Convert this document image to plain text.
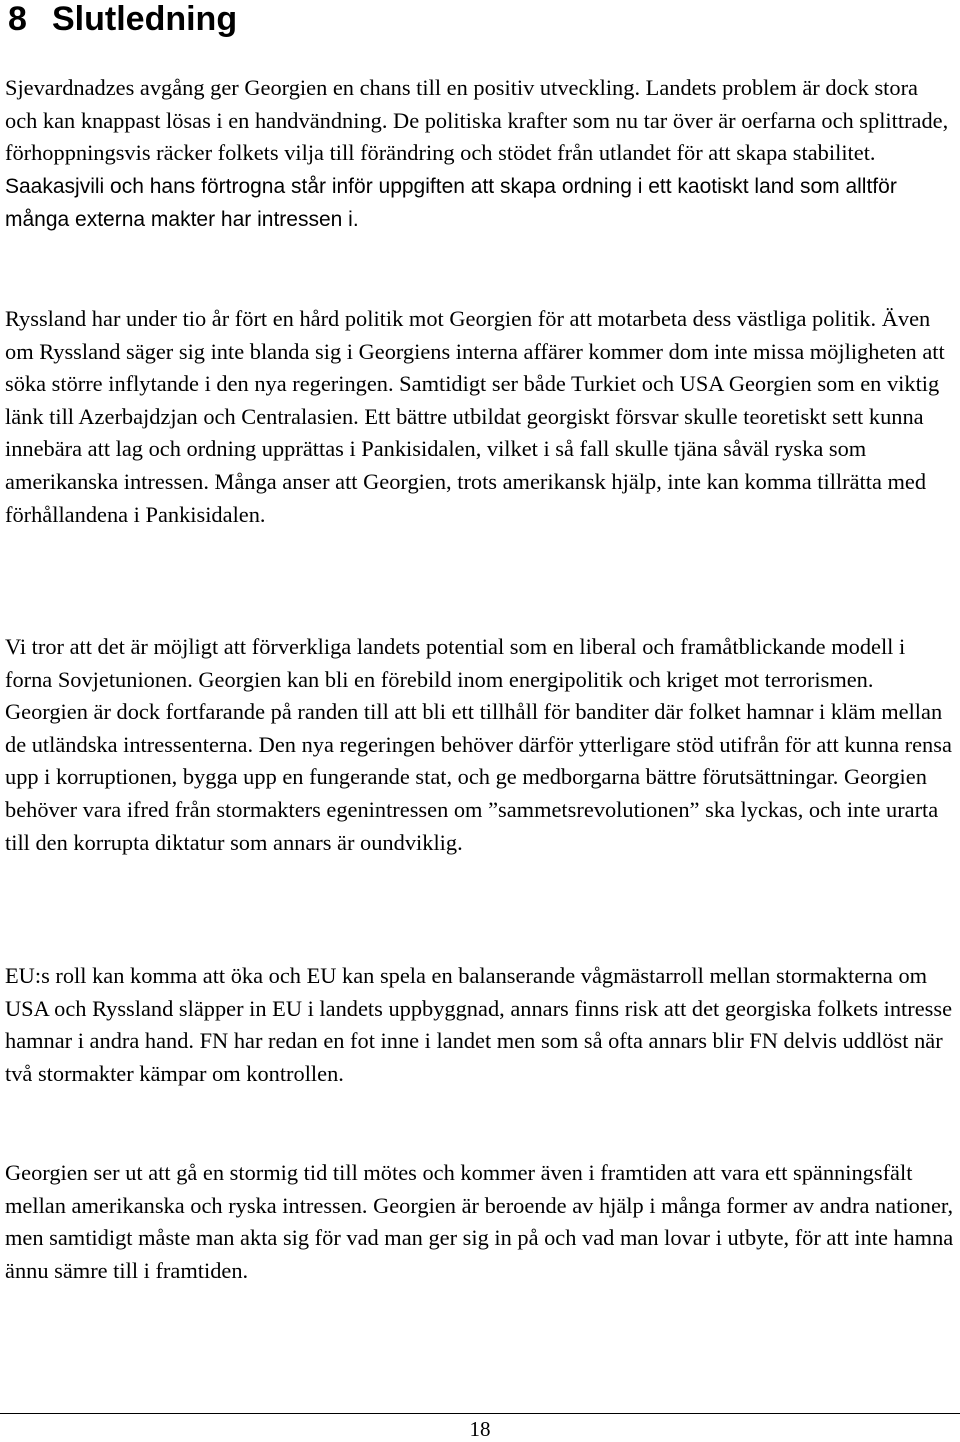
8 Slutledning

Sjevardnadzes avgång ger Georgien en chans till en positiv utveckling. Landets problem är dock stora och kan knappast lösas i en handvändning. De politiska krafter som nu tar över är oerfarna och splittrade, förhoppningsvis räcker folkets vilja till förändring och stödet från utlandet för att skapa stabilitet. Saakasjvili och hans förtrogna står inför uppgiften att skapa ordning i ett kaotiskt land som alltför många externa makter har intressen i.

Ryssland har under tio år fört en hård politik mot Georgien för att motarbeta dess västliga politik. Även om Ryssland säger sig inte blanda sig i Georgiens interna affärer kommer dom inte missa möjligheten att söka större inflytande i den nya regeringen. Samtidigt ser både Turkiet och USA Georgien som en viktig länk till Azerbajdzjan och Centralasien. Ett bättre utbildat georgiskt försvar skulle teoretiskt sett kunna innebära att lag och ordning upprättas i Pankisidalen, vilket i så fall skulle tjäna såväl ryska som amerikanska intressen. Många anser att Georgien, trots amerikansk hjälp, inte kan komma tillrätta med förhållandena i Pankisidalen.

Vi tror att det är möjligt att förverkliga landets potential som en liberal och framåtblickande modell i forna Sovjetunionen. Georgien kan bli en förebild inom energipolitik och kriget mot terrorismen. Georgien är dock fortfarande på randen till att bli ett tillhåll för banditer där folket hamnar i kläm mellan de utländska intressenterna. Den nya regeringen behöver därför ytterligare stöd utifrån för att kunna rensa upp i korruptionen, bygga upp en fungerande stat, och ge medborgarna bättre förutsättningar. Georgien behöver vara ifred från stormakters egenintressen om ”sammetsrevolutionen” ska lyckas, och inte urarta till den korrupta diktatur som annars är oundviklig.

EU:s roll kan komma att öka och EU kan spela en balanserande vågmästarroll mellan stormakterna om USA och Ryssland släpper in EU i landets uppbyggnad, annars finns risk att det georgiska folkets intresse hamnar i andra hand. FN har redan en fot inne i landet men som så ofta annars blir FN delvis uddlöst när två stormakter kämpar om kontrollen.

Georgien ser ut att gå en stormig tid till mötes och kommer även i framtiden att vara ett spänningsfält mellan amerikanska och ryska intressen. Georgien är beroende av hjälp i många former av andra nationer, men samtidigt måste man akta sig för vad man ger sig in på och vad man lovar i utbyte, för att inte hamna ännu sämre till i framtiden.

18
